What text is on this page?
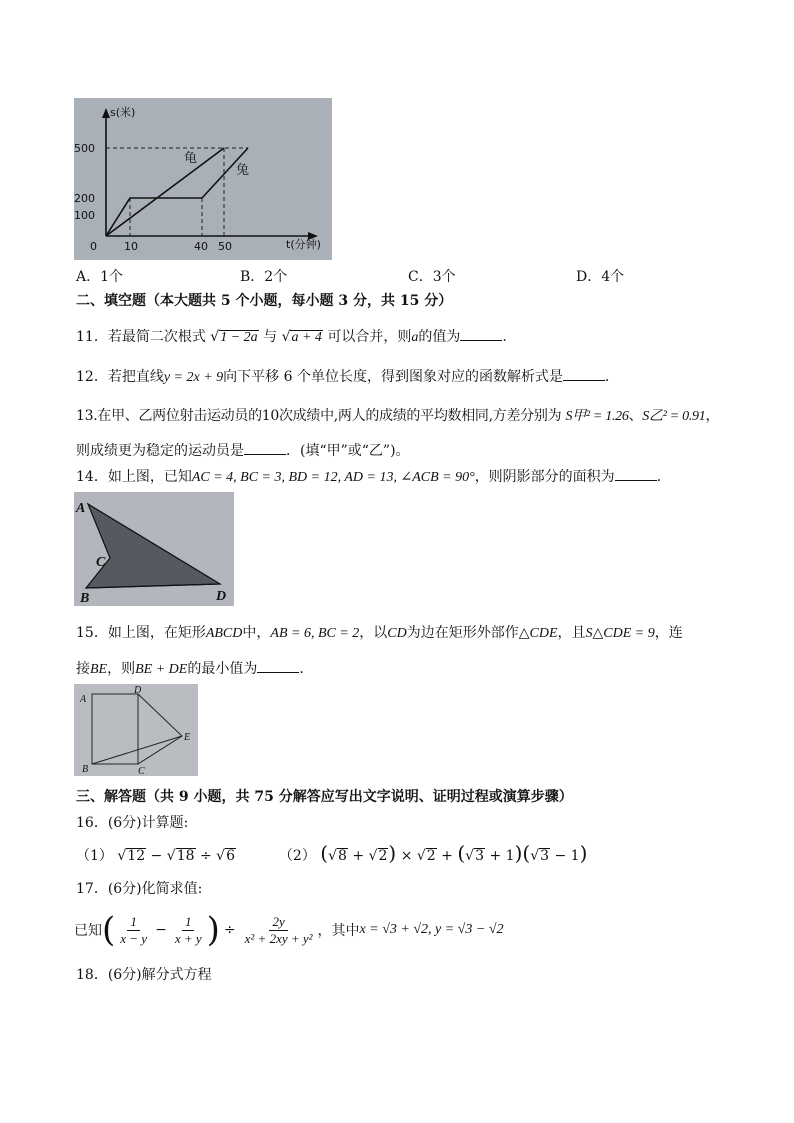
s(米)
t(分钟)
500
200
100
0 10	40 50
龟
兔
A．1个	B．2个	C．3个	D．4个
二、填空题（本大题共 5 个小题，每小题 3 分，共 15 分）
11．若最简二次根式 √1 − 2a 与 √a + 4 可以合并，则a的值为	.
12．若把直线y = 2x + 9向下平移 6 个单位长度，得到图象对应的函数解析式是	．
13.在甲、乙两位射击运动员的10次成绩中,两人的成绩的平均数相同,方差分别为 S甲² = 1.26、S乙² = 0.91，
则成绩更为稳定的运动员是	．(填“甲”或“乙”)。
14．如上图，已知AC = 4, BC = 3, BD = 12, AD = 13, ∠ACB = 90°，则阴影部分的面积为	．
A
C
B	D
15．如上图，在矩形ABCD中，AB = 6, BC = 2，以CD为边在矩形外部作△CDE，且S△CDE = 9，连
接BE，则BE + DE的最小值为	．
A
D
E
B	C
三、解答题（共 9 小题，共 75 分解答应写出文字说明、证明过程或演算步骤）
16．(6分)计算题:
（1） √12 − √18 ÷ √6	（2） (√8 + √2) × √2 + (√3 + 1)(√3 − 1)
17．(6分)化简求值:
已知 ( $\frac{1}{x - y} - \frac{1}{x + y}$ ) ÷ $\frac{2y}{\text{x² + 2xy + y²}}$ ，其中 x = √3 + √2, y = √3 − √2
18．(6分)解分式方程
